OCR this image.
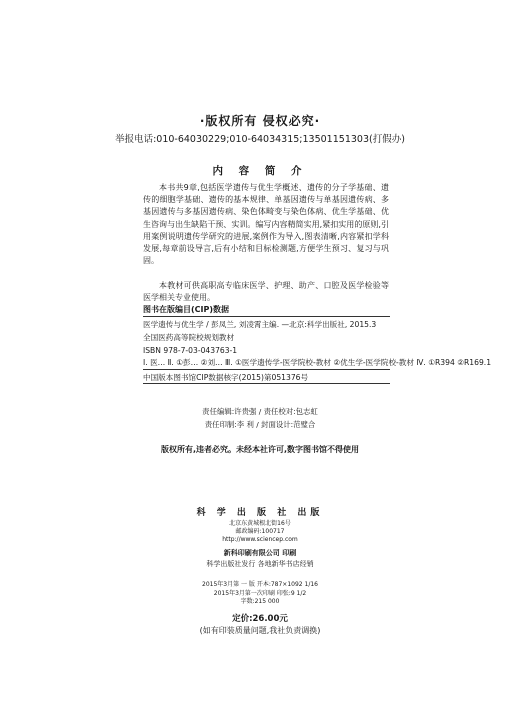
·版权所有 侵权必究·
举报电话:010-64030229;010-64034315;13501151303(打假办)
内 容 简 介
本书共9章,包括医学遗传与优生学概述、遗传的分子学基础、遗传的细胞学基础、遗传的基本规律、单基因遗传与单基因遗传病、多基因遗传与多基因遗传病、染色体畸变与染色体病、优生学基础、优生咨询与出生缺陷干预、实训。编写内容精简实用,紧扣实用的原则,引用案例说明遗传学研究的进展,案例作为导入,图表清晰,内容紧扣学科发展,每章前设导言,后有小结和目标检测题,方便学生预习、复习与巩固。
本教材可供高职高专临床医学、护理、助产、口腔及医学检验等医学相关专业使用。
图书在版编目(CIP)数据
医学遗传与优生学 / 彭凤兰, 刘凌霄主编. —北京:科学出版社, 2015.3
全国医药高等院校规划教材
ISBN 978-7-03-043763-1
Ⅰ. 医… Ⅱ. ①彭… ②刘… Ⅲ. ①医学遗传学-医学院校-教材 ②优生学-医学院校-教材 Ⅳ. ①R394 ②R169.1
中国版本图书馆CIP数据核字(2015)第051376号
责任编辑:许贵强 / 责任校对:包志虹
责任印制:李 利 / 封面设计:范璧合
版权所有,违者必究。未经本社许可,数字图书馆不得使用
科 学 出 版 社 出版
北京东黄城根北街16号
邮政编码:100717
http://www.sciencep.com
新科印刷有限公司 印刷
科学出版社发行 各地新华书店经销
2015年3月第 一 版 开本:787×1092 1/16
2015年3月第一次印刷 印张:9 1/2
字数:215 000
定价:26.00元
(如有印装质量问题,我社负责调换)
